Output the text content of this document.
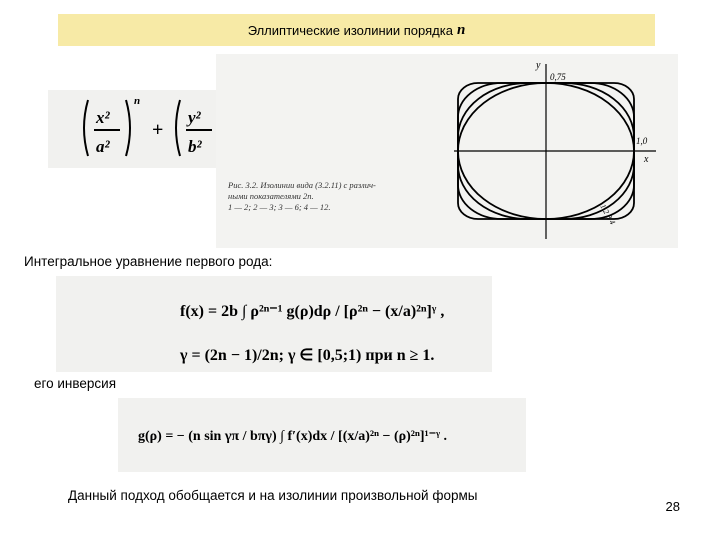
Эллиптические изолинии порядка n
x²
a²
n
+
y²
b²
y
0,75
1,0
x
1 2 3 4
Рис. 3.2. Изолинии вида (3.2.11) с различ-
ными показателями 2n.
1 — 2; 2 — 3; 3 — 6; 4 — 12.
Интегральное уравнение первого рода:
f(x) = 2b ∫ ρ²ⁿ⁻¹ g(ρ)dρ / [ρ²ⁿ − (x/a)²ⁿ]ᵞ ,
γ = (2n − 1)/2n; γ ∈ [0,5;1) при n ≥ 1.
его инверсия
g(ρ) = − (n sin γπ / bπγ) ∫ f′(x)dx / [(x/a)²ⁿ − (ρ)²ⁿ]¹⁻ᵞ .
Данный подход обобщается и на изолинии произвольной формы
28
